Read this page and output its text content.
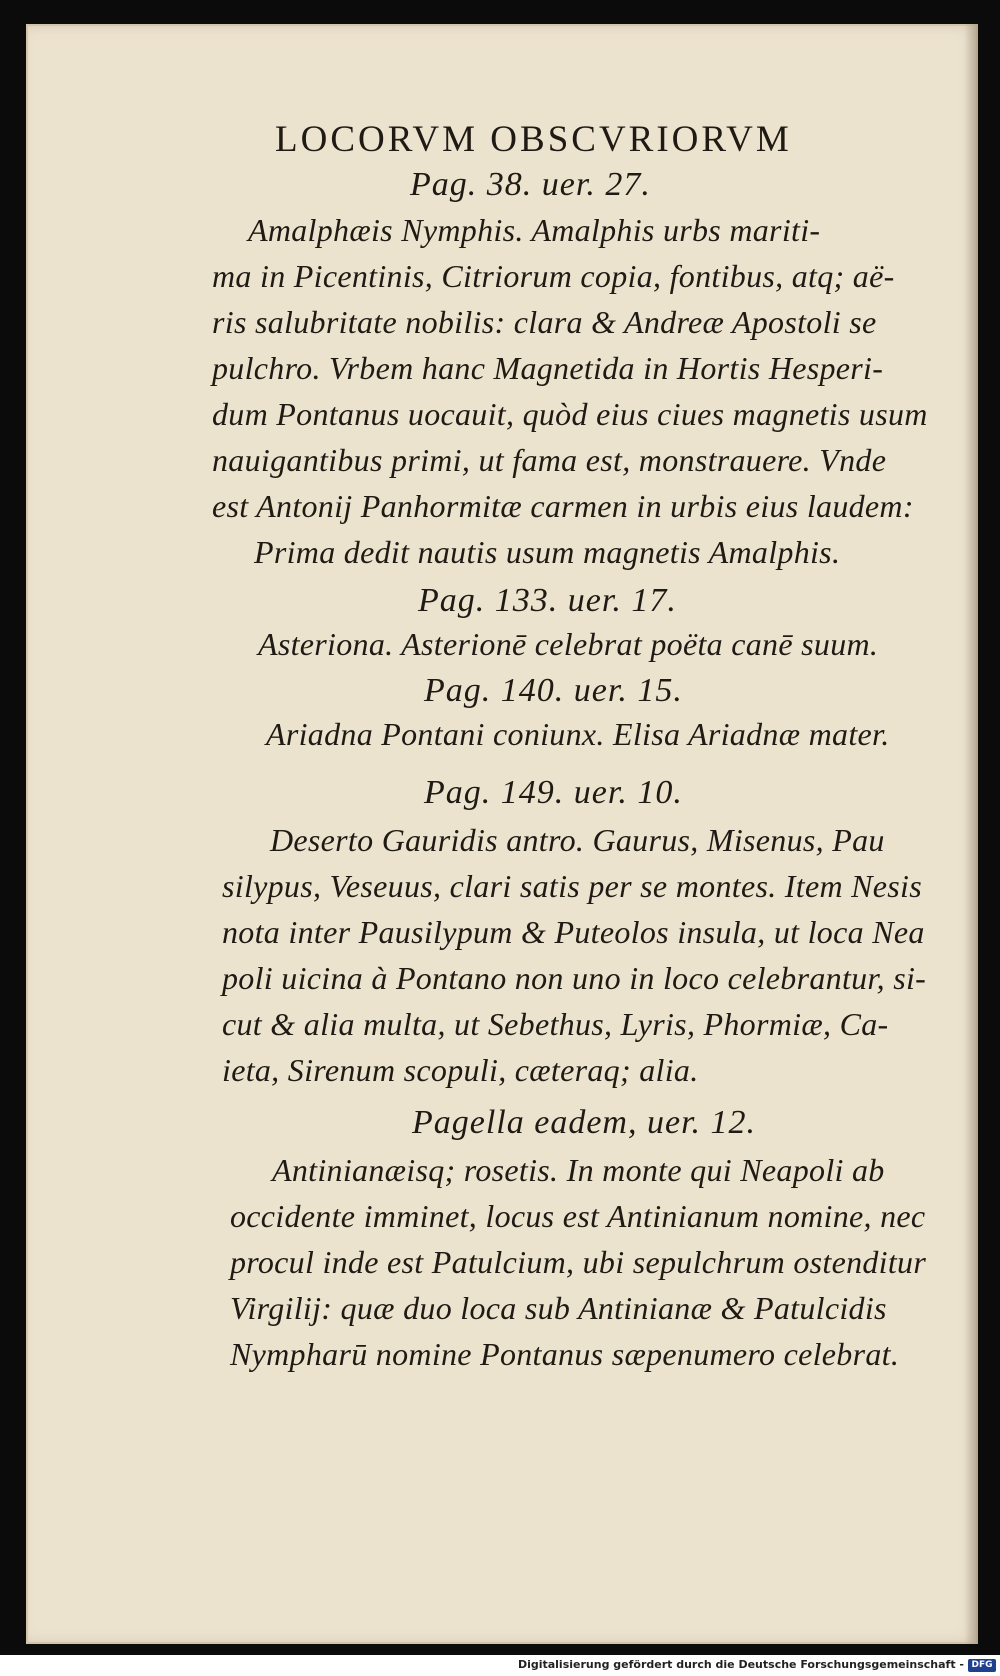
LOCORVM OBSCVRIORVM
Pag. 38. uer. 27.
Amalphæis Nymphis. Amalphis urbs mariti-
ma in Picentinis, Citriorum copia, fontibus, atq; aë-
ris salubritate nobilis: clara & Andreæ Apostoli se
pulchro. Vrbem hanc Magnetida in Hortis Hesperi-
dum Pontanus uocauit, quòd eius ciues magnetis usum
nauigantibus primi, ut fama est, monstrauere. Vnde
est Antonij Panhormitæ carmen in urbis eius laudem:
Prima dedit nautis usum magnetis Amalphis.
Pag. 133. uer. 17.
Asteriona. Asterionē celebrat poëta canē suum.
Pag. 140. uer. 15.
Ariadna Pontani coniunx. Elisa Ariadnæ mater.
Pag. 149. uer. 10.
Deserto Gauridis antro. Gaurus, Misenus, Pau
silypus, Veseuus, clari satis per se montes. Item Nesis
nota inter Pausilypum & Puteolos insula, ut loca Nea
poli uicina à Pontano non uno in loco celebrantur, si-
cut & alia multa, ut Sebethus, Lyris, Phormiæ, Ca-
ieta, Sirenum scopuli, cæteraq; alia.
Pagella eadem, uer. 12.
Antinianæisq; rosetis. In monte qui Neapoli ab
occidente imminet, locus est Antinianum nomine, nec
procul inde est Patulcium, ubi sepulchrum ostenditur
Virgilij: quæ duo loca sub Antinianæ & Patulcidis
Nympharū nomine Pontanus sæpenumero celebrat.
Digitalisierung gefördert durch die Deutsche Forschungsgemeinschaft - DFG
